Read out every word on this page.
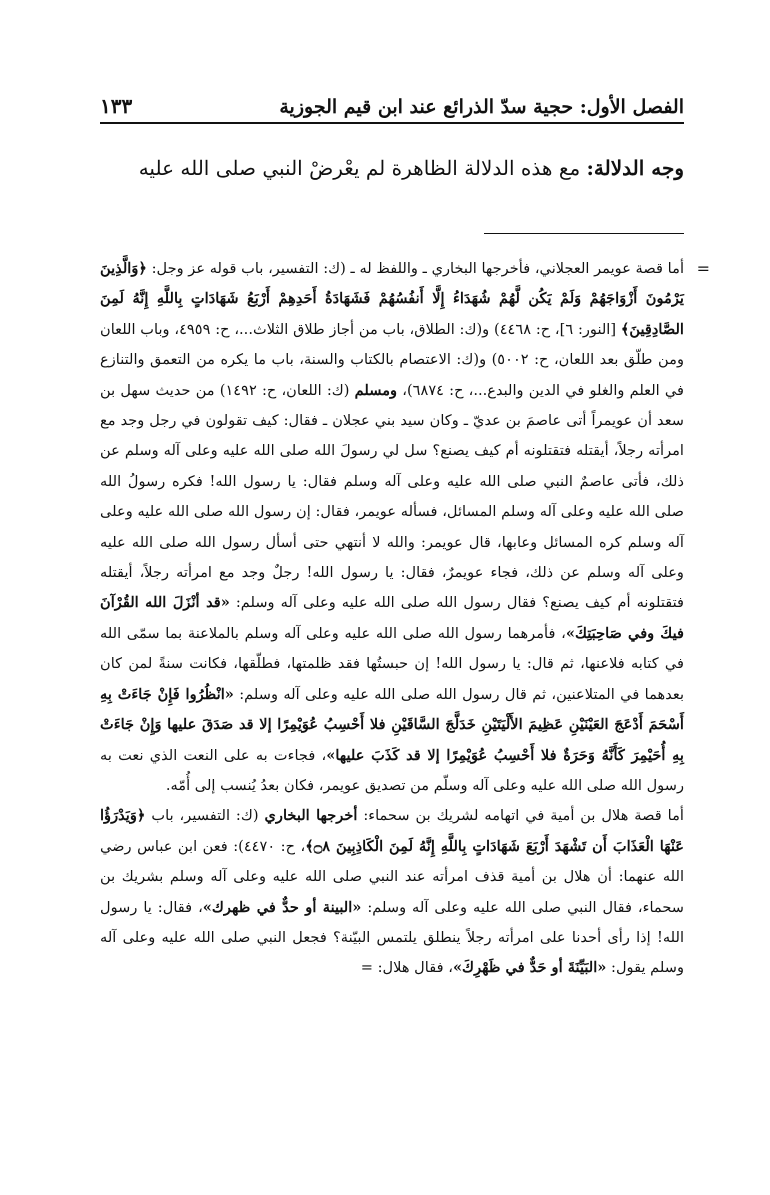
الفصل الأول: حجية سدّ الذرائع عند ابن قيم الجوزية
١٣٣
وجه الدلالة: مع هذه الدلالة الظاهرة لم يعْرضْ النبي صلى الله عليه
=
أما قصة عويمر العجلاني، فأخرجها البخاري ـ واللفظ له ـ (ك: التفسير، باب قوله عز وجل: ﴿وَالَّذِينَ يَرْمُونَ أَزْوَاجَهُمْ وَلَمْ يَكُن لَّهُمْ شُهَدَاءُ إِلَّا أَنفُسُهُمْ فَشَهَادَةُ أَحَدِهِمْ أَرْبَعُ شَهَادَاتٍ بِاللَّهِ إِنَّهُ لَمِنَ الصَّادِقِينَ﴾ [النور: ٦]، ح: ٤٤٦٨) و(ك: الطلاق، باب من أجاز طلاق الثلاث...، ح: ٤٩٥٩، وباب اللعان ومن طلّق بعد اللعان، ح: ٥٠٠٢) و(ك: الاعتصام بالكتاب والسنة، باب ما يكره من التعمق والتنازع في العلم والغلو في الدين والبدع...، ح: ٦٨٧٤)، ومسلم (ك: اللعان، ح: ١٤٩٢) من حديث سهل بن سعد أن عويمراً أتى عاصمَ بن عديّ ـ وكان سيد بني عجلان ـ فقال: كيف تقولون في رجل وجد مع امرأته رجلاً، أيقتله فتقتلونه أم كيف يصنع؟ سل لي رسولَ الله صلى الله عليه وعلى آله وسلم عن ذلك، فأتى عاصمٌ النبي صلى الله عليه وعلى آله وسلم فقال: يا رسول الله! فكره رسولُ الله صلى الله عليه وعلى آله وسلم المسائل، فسأله عويمر، فقال: إن رسول الله صلى الله عليه وعلى آله وسلم كره المسائل وعابها، قال عويمر: والله لا أنتهي حتى أسأل رسول الله صلى الله عليه وعلى آله وسلم عن ذلك، فجاء عويمرٌ، فقال: يا رسول الله! رجلٌ وجد مع امرأته رجلاً، أيقتله فتقتلونه أم كيف يصنع؟ فقال رسول الله صلى الله عليه وعلى آله وسلم: «قد أنْزَلَ الله القُرْآنَ فيكَ وفي صَاحِبَتِكَ»، فأمرهما رسول الله صلى الله عليه وعلى آله وسلم بالملاعنة بما سمّى الله في كتابه فلاعنها، ثم قال: يا رسول الله! إن حبستُها فقد ظلمتها، فطلّقها، فكانت سنةً لمن كان بعدهما في المتلاعنين، ثم قال رسول الله صلى الله عليه وعلى آله وسلم: «انْظُرُوا فَإِنْ جَاءَتْ بِهِ أَسْحَمَ أَدْعَجَ العَيْنَيْنِ عَظِيمَ الأَلْيَتَيْنِ خَدَلَّجَ السَّاقَيْنِ فلا أَحْسِبُ عُوَيْمِرًا إلا قد صَدَقَ عليها وَإِنْ جَاءَتْ بِهِ أُحَيْمِرَ كَأَنَّهُ وَحَرَةٌ فلا أَحْسِبُ عُوَيْمِرًا إلا قد كَذَبَ عليها»، فجاءت به على النعت الذي نعت به رسول الله صلى الله عليه وعلى آله وسلّم من تصديق عويمر، فكان بعدُ يُنسب إلى أُمّه.
أما قصة هلال بن أمية في اتهامه لشريك بن سحماء: أخرجها البخاري (ك: التفسير، باب ﴿وَيَدْرَؤُا عَنْهَا الْعَذَابَ أَن تَشْهَدَ أَرْبَعَ شَهَادَاتٍ بِاللَّهِ إِنَّهُ لَمِنَ الْكَاذِبِينَ ۝٨﴾، ح: ٤٤٧٠): فعن ابن عباس رضي الله عنهما: أن هلال بن أمية قذف امرأته عند النبي صلى الله عليه وعلى آله وسلم بشريك بن سحماء، فقال النبي صلى الله عليه وعلى آله وسلم: «البينة أو حدٌّ في ظهرك»، فقال: يا رسول الله! إذا رأى أحدنا على امرأته رجلاً ينطلق يلتمس البيّنة؟ فجعل النبي صلى الله عليه وعلى آله وسلم يقول: «البَيِّنَةَ أو حَدٌّ في ظَهْرِكَ»، فقال هلال: =
